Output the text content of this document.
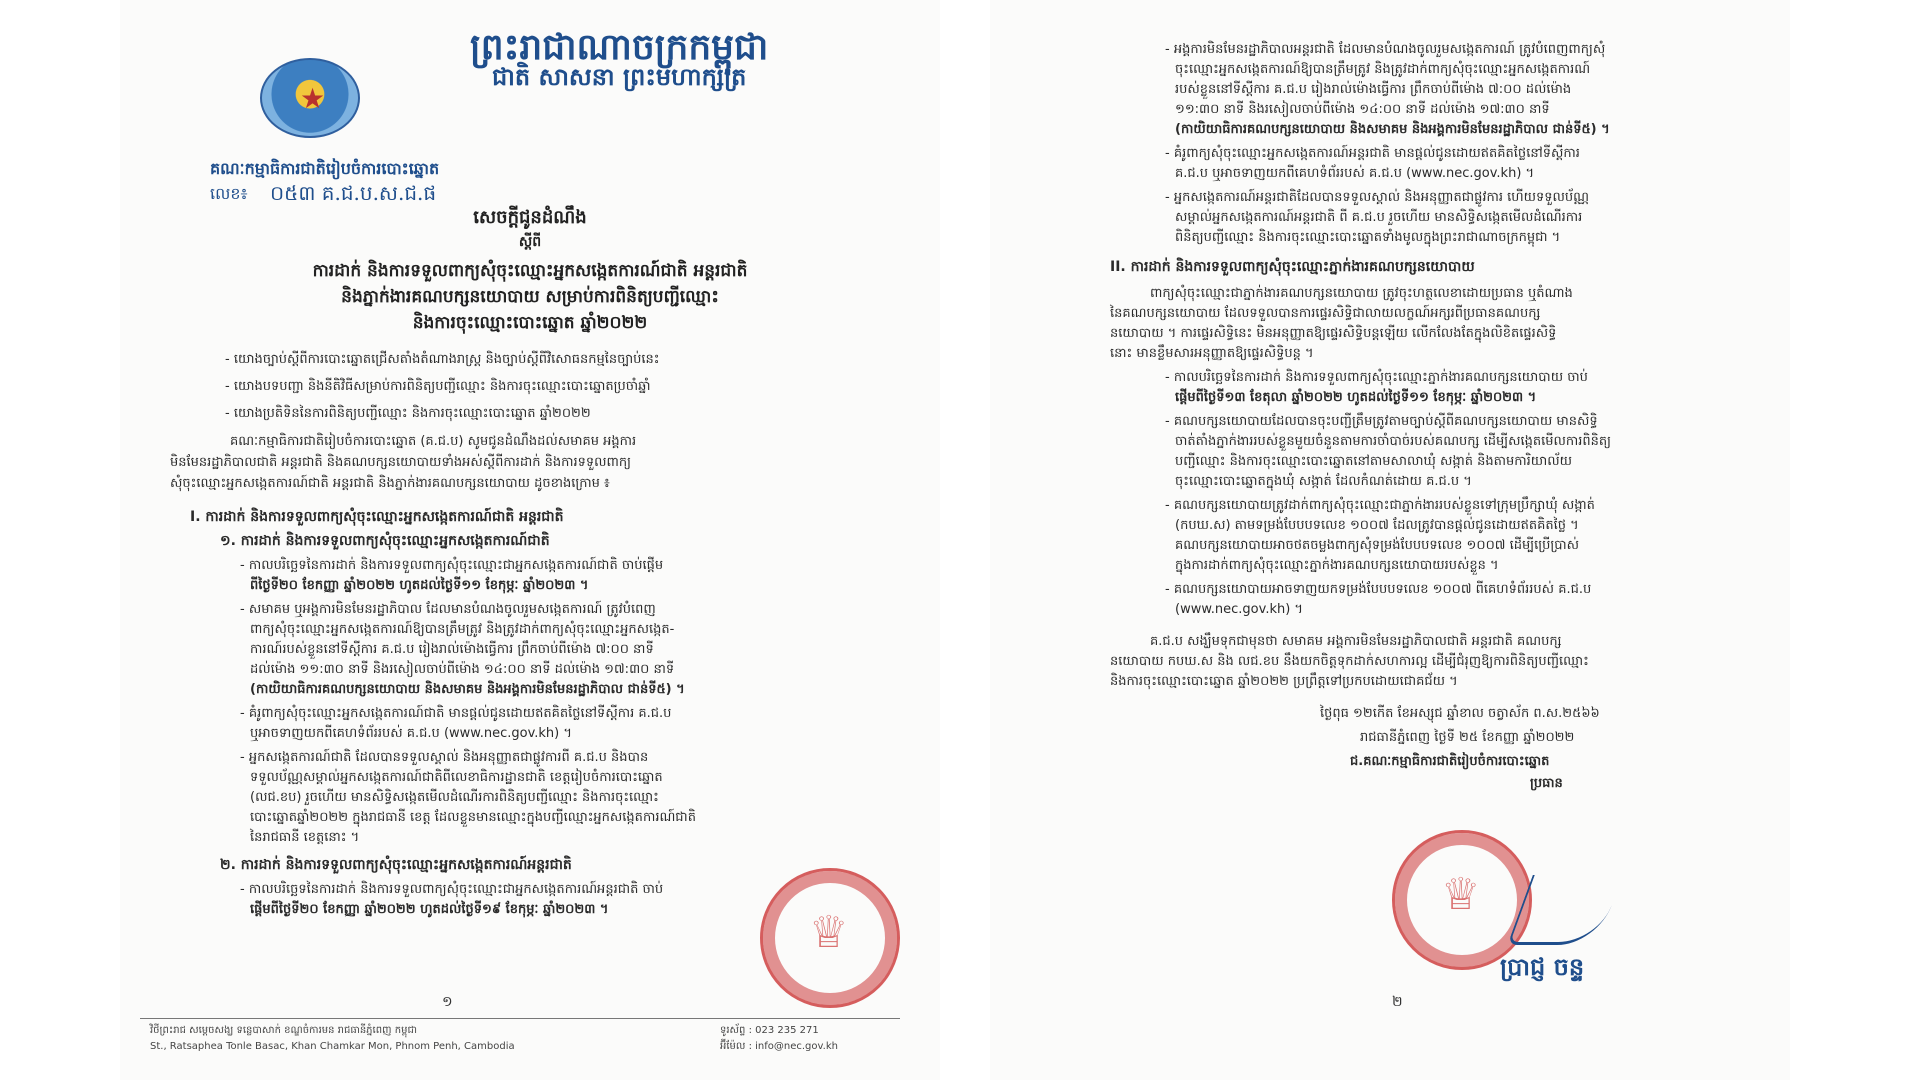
★
ព្រះរាជាណាចក្រកម្ពុជា
ជាតិ សាសនា ព្រះមហាក្សត្រ
គណៈកម្មាធិការជាតិរៀបចំការបោះឆ្នោត
លេខ៖ ០៥៣ គ.ជ.ប.ស.ជ.ផ
សេចក្តីជូនដំណឹង
ស្តីពី
ការដាក់ និងការទទួលពាក្យសុំចុះឈ្មោះអ្នកសង្កេតការណ៍ជាតិ អន្តរជាតិ
និងភ្នាក់ងារគណបក្សនយោបាយ សម្រាប់ការពិនិត្យបញ្ជីឈ្មោះ
និងការចុះឈ្មោះបោះឆ្នោត ឆ្នាំ២០២២
- យោងច្បាប់ស្តីពីការបោះឆ្នោតជ្រើសតាំងតំណាងរាស្ត្រ និងច្បាប់ស្តីពីវិសោធនកម្មនៃច្បាប់នេះ
- យោងបទបញ្ជា និងនីតិវិធីសម្រាប់ការពិនិត្យបញ្ជីឈ្មោះ និងការចុះឈ្មោះបោះឆ្នោតប្រចាំឆ្នាំ
- យោងប្រតិទិននៃការពិនិត្យបញ្ជីឈ្មោះ និងការចុះឈ្មោះបោះឆ្នោត ឆ្នាំ២០២២
គណៈកម្មាធិការជាតិរៀបចំការបោះឆ្នោត (គ.ជ.ប) សូមជូនដំណឹងដល់សមាគម អង្គការ
មិនមែនរដ្ឋាភិបាលជាតិ អន្តរជាតិ និងគណបក្សនយោបាយទាំងអស់ស្តីពីការដាក់ និងការទទួលពាក្យ
សុំចុះឈ្មោះអ្នកសង្កេតការណ៍ជាតិ អន្តរជាតិ និងភ្នាក់ងារគណបក្សនយោបាយ ដូចខាងក្រោម ៖
I. ការដាក់ និងការទទួលពាក្យសុំចុះឈ្មោះអ្នកសង្កេតការណ៍ជាតិ អន្តរជាតិ
១. ការដាក់ និងការទទួលពាក្យសុំចុះឈ្មោះអ្នកសង្កេតការណ៍ជាតិ
- កាលបរិច្ឆេទនៃការដាក់ និងការទទួលពាក្យសុំចុះឈ្មោះជាអ្នកសង្កេតការណ៍ជាតិ ចាប់ផ្តើម
ពីថ្ងៃទី២០ ខែកញ្ញា ឆ្នាំ២០២២ ហូតដល់ថ្ងៃទី១១ ខែកុម្ភៈ ឆ្នាំ២០២៣ ។
- សមាគម ឬអង្គការមិនមែនរដ្ឋាភិបាល ដែលមានបំណងចូលរួមសង្កេតការណ៍ ត្រូវបំពេញ
ពាក្យសុំចុះឈ្មោះអ្នកសង្កេតការណ៍ឱ្យបានត្រឹមត្រូវ និងត្រូវដាក់ពាក្យសុំចុះឈ្មោះអ្នកសង្កេត-
ការណ៍របស់ខ្លួននៅទីស្តីការ គ.ជ.ប រៀងរាល់ម៉ោងធ្វើការ ព្រឹកចាប់ពីម៉ោង ៧:០០ នាទី
ដល់ម៉ោង ១១:៣០ នាទី និងរសៀលចាប់ពីម៉ោង ១៤:០០ នាទី ដល់ម៉ោង ១៧:៣០ នាទី
(កាយិយាធិការគណបក្សនយោបាយ និងសមាគម និងអង្គការមិនមែនរដ្ឋាភិបាល ជាន់ទី៥) ។
- គំរូពាក្យសុំចុះឈ្មោះអ្នកសង្កេតការណ៍ជាតិ មានផ្តល់ជូនដោយឥតគិតថ្លៃនៅទីស្តីការ គ.ជ.ប
ឬអាចទាញយកពីគេហទំព័ររបស់ គ.ជ.ប (www.nec.gov.kh) ។
- អ្នកសង្កេតការណ៍ជាតិ ដែលបានទទួលស្គាល់ និងអនុញ្ញាតជាផ្លូវការពី គ.ជ.ប និងបាន
ទទួលប័ណ្ណសម្គាល់អ្នកសង្កេតការណ៍ជាតិពីលេខាធិការដ្ឋានជាតិ ខេត្តរៀបចំការបោះឆ្នោត
(លជ.ខប) រួចហើយ មានសិទ្ធិសង្កេតមើលដំណើរការពិនិត្យបញ្ជីឈ្មោះ និងការចុះឈ្មោះ
បោះឆ្នោតឆ្នាំ២០២២ ក្នុងរាជធានី ខេត្ត ដែលខ្លួនមានឈ្មោះក្នុងបញ្ជីឈ្មោះអ្នកសង្កេតការណ៍ជាតិ
នៃរាជធានី ខេត្តនោះ ។
២. ការដាក់ និងការទទួលពាក្យសុំចុះឈ្មោះអ្នកសង្កេតការណ៍អន្តរជាតិ
- កាលបរិច្ឆេទនៃការដាក់ និងការទទួលពាក្យសុំចុះឈ្មោះជាអ្នកសង្កេតការណ៍អន្តរជាតិ ចាប់
ផ្តើមពីថ្ងៃទី២០ ខែកញ្ញា ឆ្នាំ២០២២ ហូតដល់ថ្ងៃទី១៩ ខែកុម្ភៈ ឆ្នាំ២០២៣ ។
♕
១
វិថីព្រះរាជ សម្តេចសង្ឃ ទន្លេបាសាក់ ខណ្ឌចំការមន រាជធានីភ្នំពេញ កម្ពុជា
St., Ratsaphea Tonle Basac, Khan Chamkar Mon, Phnom Penh, Cambodia
ទូរស័ព្ទ : 023 235 271
អ៊ីម៉ែល : info@nec.gov.kh
- អង្គការមិនមែនរដ្ឋាភិបាលអន្តរជាតិ ដែលមានបំណងចូលរួមសង្កេតការណ៍ ត្រូវបំពេញពាក្យសុំ
ចុះឈ្មោះអ្នកសង្កេតការណ៍ឱ្យបានត្រឹមត្រូវ និងត្រូវដាក់ពាក្យសុំចុះឈ្មោះអ្នកសង្កេតការណ៍
របស់ខ្លួននៅទីស្តីការ គ.ជ.ប រៀងរាល់ម៉ោងធ្វើការ ព្រឹកចាប់ពីម៉ោង ៧:០០ ដល់ម៉ោង
១១:៣០ នាទី និងរសៀលចាប់ពីម៉ោង ១៤:០០ នាទី ដល់ម៉ោង ១៧:៣០ នាទី
(កាយិយាធិការគណបក្សនយោបាយ និងសមាគម និងអង្គការមិនមែនរដ្ឋាភិបាល ជាន់ទី៥) ។
- គំរូពាក្យសុំចុះឈ្មោះអ្នកសង្កេតការណ៍អន្តរជាតិ មានផ្តល់ជូនដោយឥតគិតថ្លៃនៅទីស្តីការ
គ.ជ.ប ឬអាចទាញយកពីគេហទំព័ររបស់ គ.ជ.ប (www.nec.gov.kh) ។
- អ្នកសង្កេតការណ៍អន្តរជាតិដែលបានទទួលស្គាល់ និងអនុញ្ញាតជាផ្លូវការ ហើយទទួលប័ណ្ណ
សម្គាល់អ្នកសង្កេតការណ៍អន្តរជាតិ ពី គ.ជ.ប រួចហើយ មានសិទ្ធិសង្កេតមើលដំណើរការ
ពិនិត្យបញ្ជីឈ្មោះ និងការចុះឈ្មោះបោះឆ្នោតទាំងមូលក្នុងព្រះរាជាណាចក្រកម្ពុជា ។
II. ការដាក់ និងការទទួលពាក្យសុំចុះឈ្មោះភ្នាក់ងារគណបក្សនយោបាយ
ពាក្យសុំចុះឈ្មោះជាភ្នាក់ងារគណបក្សនយោបាយ ត្រូវចុះហត្ថលេខាដោយប្រធាន ឬតំណាង
នៃគណបក្សនយោបាយ ដែលទទួលបានការផ្ទេរសិទ្ធិជាលាយលក្ខណ៍អក្សរពីប្រធានគណបក្ស
នយោបាយ ។ ការផ្ទេរសិទ្ធិនេះ មិនអនុញ្ញាតឱ្យផ្ទេរសិទ្ធិបន្តឡើយ លើកលែងតែក្នុងលិខិតផ្ទេរសិទ្ធិ
នោះ មានខ្លឹមសារអនុញ្ញាតឱ្យផ្ទេរសិទ្ធិបន្ត ។
- កាលបរិច្ឆេទនៃការដាក់ និងការទទួលពាក្យសុំចុះឈ្មោះភ្នាក់ងារគណបក្សនយោបាយ ចាប់
ផ្តើមពីថ្ងៃទី១៣ ខែតុលា ឆ្នាំ២០២២ ហូតដល់ថ្ងៃទី១១ ខែកុម្ភៈ ឆ្នាំ២០២៣ ។
- គណបក្សនយោបាយដែលបានចុះបញ្ជីត្រឹមត្រូវតាមច្បាប់ស្តីពីគណបក្សនយោបាយ មានសិទ្ធិ
ចាត់តាំងភ្នាក់ងាររបស់ខ្លួនមួយចំនួនតាមការចាំបាច់របស់គណបក្ស ដើម្បីសង្កេតមើលការពិនិត្យ
បញ្ជីឈ្មោះ និងការចុះឈ្មោះបោះឆ្នោតនៅតាមសាលាឃុំ សង្កាត់ និងតាមការិយាល័យ
ចុះឈ្មោះបោះឆ្នោតក្នុងឃុំ សង្កាត់ ដែលកំណត់ដោយ គ.ជ.ប ។
- គណបក្សនយោបាយត្រូវដាក់ពាក្យសុំចុះឈ្មោះជាភ្នាក់ងាររបស់ខ្លួនទៅក្រុមប្រឹក្សាឃុំ សង្កាត់
(កបឃ.ស) តាមទម្រង់បែបបទលេខ ១០០៧ ដែលត្រូវបានផ្តល់ជូនដោយឥតគិតថ្លៃ ។
គណបក្សនយោបាយអាចថតចម្លងពាក្យសុំទម្រង់បែបបទលេខ ១០០៧ ដើម្បីប្រើប្រាស់
ក្នុងការដាក់ពាក្យសុំចុះឈ្មោះភ្នាក់ងារគណបក្សនយោបាយរបស់ខ្លួន ។
- គណបក្សនយោបាយអាចទាញយកទម្រង់បែបបទលេខ ១០០៧ ពីគេហទំព័ររបស់ គ.ជ.ប
(www.nec.gov.kh) ។
គ.ជ.ប សង្ឃឹមទុកជាមុនថា សមាគម អង្គការមិនមែនរដ្ឋាភិបាលជាតិ អន្តរជាតិ គណបក្ស
នយោបាយ កបឃ.ស និង លជ.ខប នឹងយកចិត្តទុកដាក់សហការល្អ ដើម្បីជំរុញឱ្យការពិនិត្យបញ្ជីឈ្មោះ
និងការចុះឈ្មោះបោះឆ្នោត ឆ្នាំ២០២២ ប្រព្រឹត្តទៅប្រកបដោយជោគជ័យ ។
ថ្ងៃពុធ ១២កើត ខែអស្សុជ ឆ្នាំខាល ចត្វាស័ក ព.ស.២៥៦៦
រាជធានីភ្នំពេញ ថ្ងៃទី ២៥ ខែកញ្ញា ឆ្នាំ២០២២
ជ.គណៈកម្មាធិការជាតិរៀបចំការបោះឆ្នោត
ប្រធាន
២
♕
ប្រាជ្ញ ចន្ទ
